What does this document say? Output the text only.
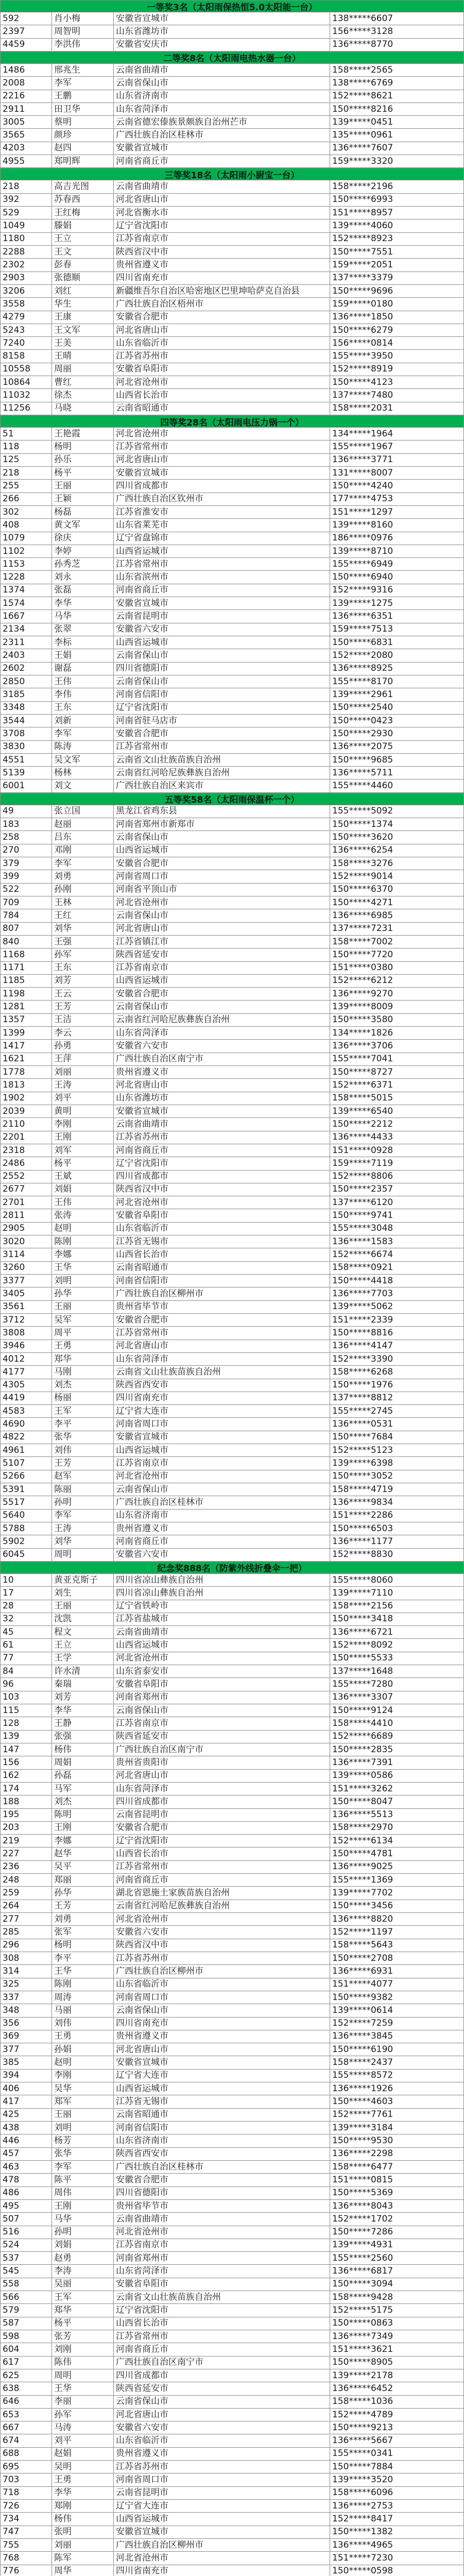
一等奖3名（太阳雨保热恒5.0太阳能一台）
592	肖小梅	安徽省宣城市	138*****6607
2397	周智明	山东省潍坊市	156*****3128
4459	李洪伟	安徽省安庆市	136*****8770
二等奖8名（太阳雨电热水器一台）
1486	邢兆生	云南省曲靖市	158*****2565
2008	李军	云南省保山市	138*****6769
2216	王鹏	山东省济南市	152*****8621
2911	田卫华	山东省菏泽市	150*****8216
3005	蔡明	云南省德宏傣族景颇族自治州芒市	139*****0451
3565	颜珍	广西壮族自治区桂林市	135*****0961
4203	赵四	安徽省宣城市	136*****7607
4955	郑明辉	河南省商丘市	159*****3320
三等奖18名（太阳雨小厨宝一台）
218	高吉光图	云南省曲靖市	158*****2196
392	苏春西	河北省唐山市	150*****6993
529	王红梅	河北省衡水市	151*****8957
1049	滕娟	辽宁省沈阳市	139*****4060
1180	王立	江苏省南京市	152*****8923
2288	王文	陕西省汉中市	150*****7551
2302	彭春	贵州省遵义市	159*****2051
2903	张德顺	四川省南充市	137*****3379
3206	刘红	新疆维吾尔自治区哈密地区巴里坤哈萨克自治县	150*****9696
3558	华生	广西壮族自治区梧州市	159*****0180
4279	王康	安徽省合肥市	136*****1850
5243	王文军	河北省唐山市	150*****6279
7240	王美	山东省临沂市	156*****0814
8158	王晴	江苏省苏州市	155*****3950
10558	周丽	安徽省阜阳市	152*****8919
10864	曹红	河北省沧州市	150*****4123
11032	徐杰	山西省长治市	137*****7480
11256	马晓	云南省昭通市	158*****2031
四等奖28名（太阳雨电压力锅一个）
51	王艳霞	河北省沧州市	134*****1964
118	杨明	江苏省常州市	155*****1967
125	孙乐	河北省唐山市	136*****3771
218	杨平	安徽省宣城市	131*****8007
255	王丽	四川省成都市	150*****4240
266	王颖	广西壮族自治区钦州市	177*****4753
302	杨磊	江苏省淮安市	151*****1297
408	黄文军	山东省莱芜市	139*****8160
1079	徐庆	辽宁省盘锦市	186*****0976
1102	李婷	山西省运城市	139*****8710
1153	孙秀芝	江苏省常州市	155*****6949
1228	刘永	山东省滨州市	150*****6940
1374	张磊	河南省商丘市	152*****9316
1574	李华	安徽省宣城市	139*****1275
1667	马华	云南省昆明市	136*****6351
2134	张翠	安徽省六安市	159*****7513
2311	李标	山西省运城市	150*****6831
2403	王娟	云南省保山市	152*****2080
2602	谢磊	四川省德阳市	136*****8925
2850	王伟	云南省保山市	155*****8170
3185	李伟	河南省信阳市	139*****2961
3348	王东	辽宁省沈阳市	150*****2540
3544	刘新	河南省驻马店市	150*****0423
3708	李军	安徽省合肥市	150*****2930
3830	陈涛	江苏省常州市	136*****2075
4551	吴文军	云南省文山壮族苗族自治州	150*****9685
5139	杨林	云南省红河哈尼族彝族自治州	136*****5711
6001	刘文	广西壮族自治区来宾市	155*****4460
五等奖58名（太阳雨保温杯一个）
49	张立国	黑龙江省鸡东县	155*****5092
183	赵丽	河南省郑州市新郑市	150*****1374
258	吕东	云南省保山市	150*****3620
270	邓刚	山西省运城市	136*****6254
379	李军	安徽省合肥市	158*****3276
399	刘勇	河南省周口市	152*****9014
522	孙刚	河南省平顶山市	150*****6370
709	王林	河北省沧州市	150*****4271
784	王红	云南省保山市	136*****6985
807	刘华	河北省唐山市	137*****7231
840	王强	江苏省镇江市	158*****7002
1168	孙军	陕西省延安市	150*****7720
1171	王东	江苏省南京市	151*****0380
1185	刘芳	山西省运城市	152*****6212
1198	王云	安徽省合肥市	136*****9270
1281	王芳	云南省保山市	139*****8009
1357	王洁	云南省红河哈尼族彝族自治州	150*****3580
1399	李云	山东省菏泽市	134*****1826
1417	孙勇	安徽省六安市	136*****3706
1621	王萍	广西壮族自治区南宁市	155*****7041
1778	刘丽	贵州省遵义市	150*****8727
1813	王涛	河北省唐山市	152*****6371
1902	刘平	山东省潍坊市	158*****5015
2039	黄明	安徽省宣城市	139*****6540
2110	李刚	云南省曲靖市	150*****2212
2201	王刚	江苏省苏州市	136*****4433
2318	刘军	河南省商丘市	151*****0928
2486	杨平	辽宁省沈阳市	159*****7119
2552	王斌	四川省成都市	152*****8806
2677	刘娟	陕西省汉中市	150*****2357
2701	王伟	河北省沧州市	137*****6120
2811	张涛	安徽省阜阳市	150*****9741
2905	赵明	山东省临沂市	155*****3048
3020	陈刚	江苏省无锡市	136*****1583
3114	李娜	山西省长治市	152*****6674
3260	王华	云南省昭通市	158*****0921
3377	刘明	河南省信阳市	150*****4418
3405	孙华	广西壮族自治区柳州市	136*****7703
3561	王丽	贵州省毕节市	139*****5062
3712	吴军	安徽省合肥市	151*****2339
3808	周平	江苏省常州市	150*****8816
3946	王勇	河北省唐山市	136*****4147
4012	郑华	山东省菏泽市	152*****3390
4177	马刚	云南省文山壮族苗族自治州	158*****6268
4305	刘杰	陕西省西安市	150*****1976
4419	杨丽	四川省南充市	137*****8812
4583	王军	辽宁省大连市	155*****2745
4690	李平	河南省周口市	136*****0531
4822	张华	安徽省宣城市	150*****7684
4961	刘伟	山西省运城市	152*****5123
5107	王芳	江苏省南京市	139*****6398
5266	赵军	河北省沧州市	150*****3052
5391	陈丽	云南省保山市	158*****4719
5517	孙明	广西壮族自治区桂林市	136*****9834
5640	李军	山东省济南市	151*****2286
5788	王涛	贵州省遵义市	150*****6503
5902	刘华	河南省商丘市	136*****1177
6045	周明	安徽省六安市	152*****8830
纪念奖888名（防紫外线折叠伞一把）
10	黄亚克斯子	四川省凉山彝族自治州	155*****8060
17	刘生	四川省凉山彝族自治州	139*****7110
28	王丽	辽宁省铁岭市	158*****2156
32	沈凯	江苏省盐城市	150*****3418
45	程文	云南省曲靖市	136*****6721
61	王立	山西省运城市	152*****8092
77	王学	河北省沧州市	150*****5533
84	许水清	山东省泰安市	137*****1648
96	秦瑞	安徽省阜阳市	155*****7280
103	刘芳	河南省郑州市	136*****3307
115	李华	云南省保山市	150*****9124
128	王静	江苏省南京市	158*****4410
139	张强	陕西省延安市	152*****6689
147	杨伟	广西壮族自治区南宁市	150*****2835
156	周娟	贵州省贵阳市	136*****7391
162	孙磊	河北省唐山市	139*****0586
174	马军	山东省菏泽市	151*****3262
188	刘杰	四川省成都市	150*****8047
195	陈明	云南省昆明市	136*****5513
203	王刚	安徽省合肥市	158*****2970
219	李娜	辽宁省沈阳市	152*****6134
227	赵华	山西省长治市	150*****4781
236	吴平	江苏省常州市	136*****9025
248	郑丽	河南省商丘市	155*****1369
259	孙华	湖北省恩施土家族苗族自治州	139*****7702
264	王芳	云南省红河哈尼族彝族自治州	150*****3456
277	刘勇	河北省沧州市	136*****8820
285	张军	安徽省六安市	152*****1197
296	杨明	陕西省汉中市	158*****5643
308	李平	江苏省苏州市	150*****2708
314	王华	广西壮族自治区柳州市	136*****6931
325	陈刚	山东省临沂市	151*****4077
337	周涛	河南省周口市	150*****9382
348	马丽	云南省保山市	139*****0614
356	刘伟	四川省南充市	152*****7259
369	王勇	贵州省遵义市	136*****3845
377	孙娟	河北省唐山市	150*****6190
385	赵明	安徽省宣城市	158*****2437
394	李刚	辽宁省大连市	155*****8572
406	吴华	山西省运城市	136*****1926
417	郑军	江苏省无锡市	150*****4603
425	王丽	云南省昭通市	152*****7761
438	刘明	河南省信阳市	139*****3184
446	杨芳	山东省济南市	150*****9530
457	张华	陕西省西安市	136*****2298
463	李军	广西壮族自治区桂林市	158*****6477
478	陈平	安徽省合肥市	151*****0815
486	周伟	四川省德阳市	150*****5369
495	王刚	贵州省毕节市	136*****8043
507	马华	云南省曲靖市	152*****1702
516	孙明	河北省沧州市	150*****7286
524	刘娟	江苏省南京市	139*****4931
537	赵勇	河南省郑州市	155*****2560
545	李涛	山东省菏泽市	136*****6817
558	吴丽	安徽省阜阳市	150*****3094
566	王军	云南省文山壮族苗族自治州	158*****9428
579	郑华	辽宁省沈阳市	152*****5175
587	杨平	山西省长治市	150*****0863
598	张芳	江苏省常州市	136*****7349
604	刘刚	河南省商丘市	151*****3621
617	陈伟	广西壮族自治区南宁市	150*****8905
625	周明	四川省成都市	139*****2178
638	王华	陕西省延安市	136*****6452
646	李丽	云南省保山市	158*****1036
653	孙军	河北省唐山市	152*****4789
667	马涛	安徽省六安市	150*****9213
674	刘平	山东省临沂市	136*****5667
688	赵娟	贵州省遵义市	155*****0341
695	吴明	江苏省苏州市	150*****7884
703	王勇	河南省周口市	139*****3520
718	李华	云南省昆明市	158*****6096
726	郑刚	辽宁省大连市	136*****2753
734	杨伟	山西省运城市	152*****8417
747	张明	安徽省宣城市	150*****1382
755	刘丽	广西壮族自治区柳州市	136*****4965
768	陈军	河北省沧州市	151*****7230
776	周华	四川省南充市	150*****0598
